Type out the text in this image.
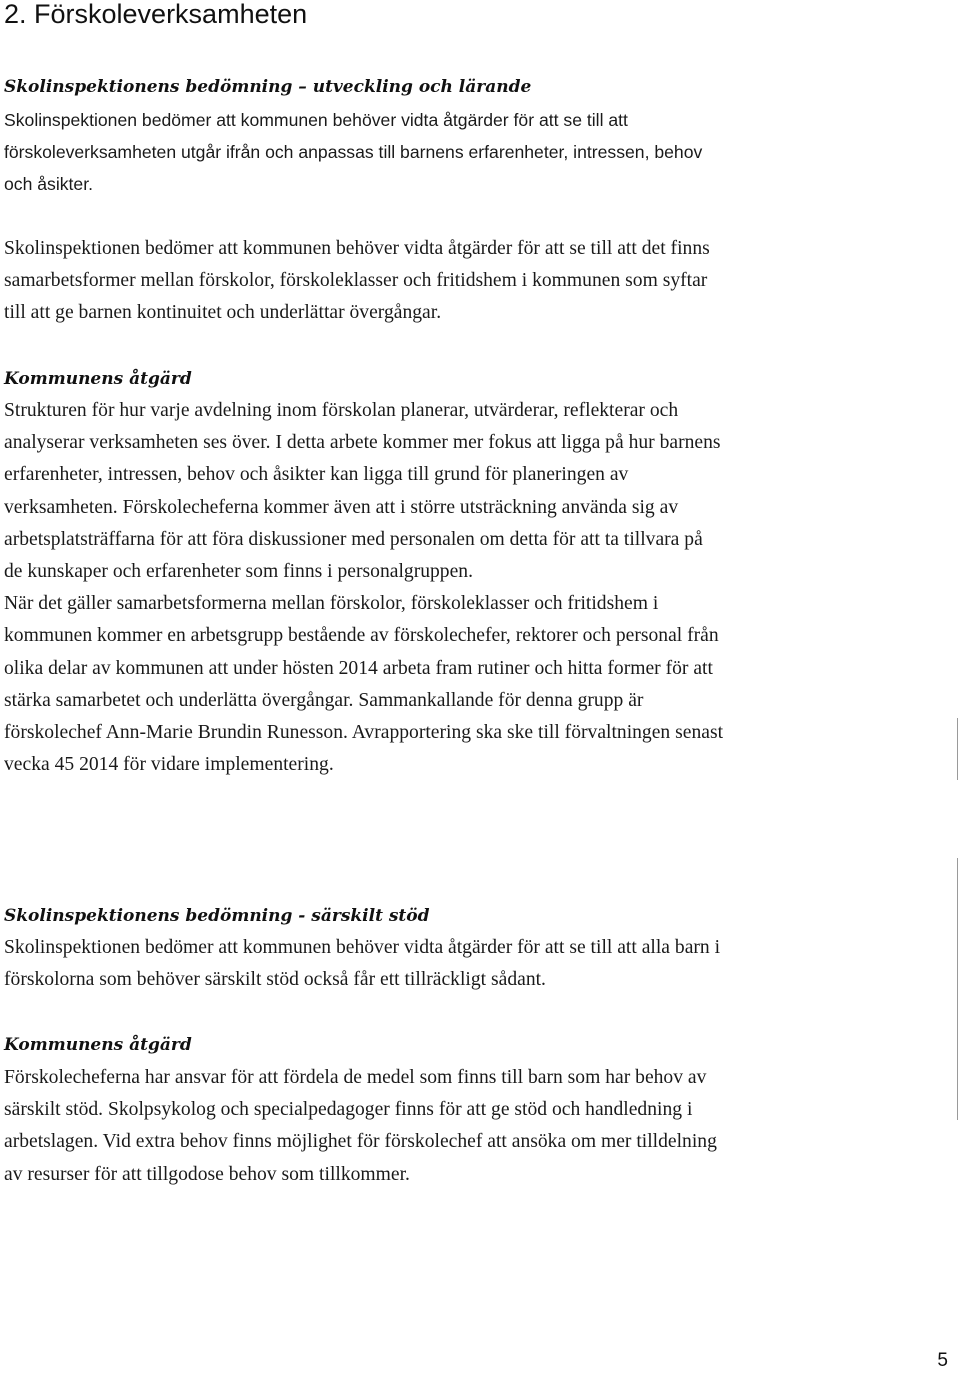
2. Förskoleverksamheten
Skolinspektionens bedömning – utveckling och lärande
Skolinspektionen bedömer att kommunen behöver vidta åtgärder för att se till att
förskoleverksamheten utgår ifrån och anpassas till barnens erfarenheter, intressen, behov
och åsikter.
Skolinspektionen bedömer att kommunen behöver vidta åtgärder för att se till att det finns
samarbetsformer mellan förskolor, förskoleklasser och fritidshem i kommunen som syftar
till att ge barnen kontinuitet och underlättar övergångar.
Kommunens åtgärd
Strukturen för hur varje avdelning inom förskolan planerar, utvärderar, reflekterar och
analyserar verksamheten ses över. I detta arbete kommer mer fokus att ligga på hur barnens
erfarenheter, intressen, behov och åsikter kan ligga till grund för planeringen av
verksamheten. Förskolecheferna kommer även att i större utsträckning använda sig av
arbetsplatsträffarna för att föra diskussioner med personalen om detta för att ta tillvara på
de kunskaper och erfarenheter som finns i personalgruppen.
När det gäller samarbetsformerna mellan förskolor, förskoleklasser och fritidshem i
kommunen kommer en arbetsgrupp bestående av förskolechefer, rektorer och personal från
olika delar av kommunen att under hösten 2014 arbeta fram rutiner och hitta former för att
stärka samarbetet och underlätta övergångar. Sammankallande för denna grupp är
förskolechef Ann-Marie Brundin Runesson. Avrapportering ska ske till förvaltningen senast
vecka 45 2014 för vidare implementering.
Skolinspektionens bedömning - särskilt stöd
Skolinspektionen bedömer att kommunen behöver vidta åtgärder för att se till att alla barn i
förskolorna som behöver särskilt stöd också får ett tillräckligt sådant.
Kommunens åtgärd
Förskolecheferna har ansvar för att fördela de medel som finns till barn som har behov av
särskilt stöd. Skolpsykolog och specialpedagoger finns för att ge stöd och handledning i
arbetslagen. Vid extra behov finns möjlighet för förskolechef att ansöka om mer tilldelning
av resurser för att tillgodose behov som tillkommer.

5
